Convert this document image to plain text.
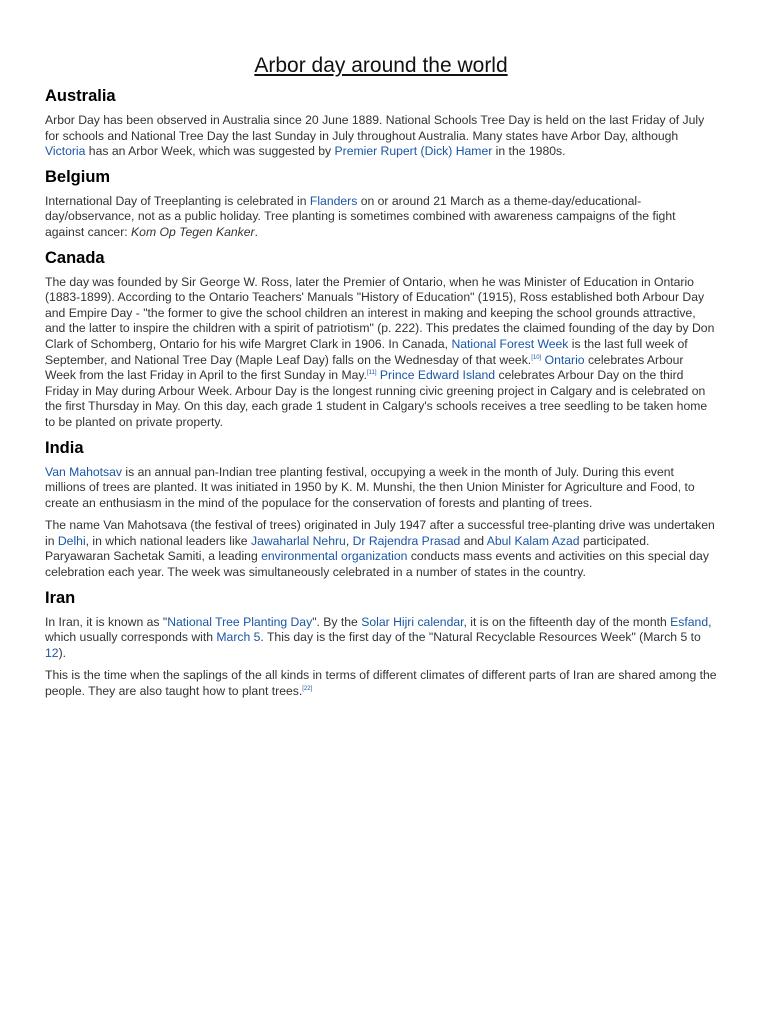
Arbor day around the world
Australia

Arbor Day has been observed in Australia since 20 June 1889. National Schools Tree Day is held on the last Friday of July for schools and National Tree Day the last Sunday in July throughout Australia. Many states have Arbor Day, although Victoria has an Arbor Week, which was suggested by Premier Rupert (Dick) Hamer in the 1980s.

Belgium

International Day of Treeplanting is celebrated in Flanders on or around 21 March as a theme-day/educational-day/observance, not as a public holiday. Tree planting is sometimes combined with awareness campaigns of the fight against cancer: Kom Op Tegen Kanker.

Canada

The day was founded by Sir George W. Ross, later the Premier of Ontario, when he was Minister of Education in Ontario (1883-1899). According to the Ontario Teachers' Manuals "History of Education" (1915), Ross established both Arbour Day and Empire Day - "the former to give the school children an interest in making and keeping the school grounds attractive, and the latter to inspire the children with a spirit of patriotism" (p. 222). This predates the claimed founding of the day by Don Clark of Schomberg, Ontario for his wife Margret Clark in 1906. In Canada, National Forest Week is the last full week of September, and National Tree Day (Maple Leaf Day) falls on the Wednesday of that week.[10] Ontario celebrates Arbour Week from the last Friday in April to the first Sunday in May.[11] Prince Edward Island celebrates Arbour Day on the third Friday in May during Arbour Week. Arbour Day is the longest running civic greening project in Calgary and is celebrated on the first Thursday in May. On this day, each grade 1 student in Calgary's schools receives a tree seedling to be taken home to be planted on private property.

India

Van Mahotsav is an annual pan-Indian tree planting festival, occupying a week in the month of July. During this event millions of trees are planted. It was initiated in 1950 by K. M. Munshi, the then Union Minister for Agriculture and Food, to create an enthusiasm in the mind of the populace for the conservation of forests and planting of trees.

The name Van Mahotsava (the festival of trees) originated in July 1947 after a successful tree-planting drive was undertaken in Delhi, in which national leaders like Jawaharlal Nehru, Dr Rajendra Prasad and Abul Kalam Azad participated. Paryawaran Sachetak Samiti, a leading environmental organization conducts mass events and activities on this special day celebration each year. The week was simultaneously celebrated in a number of states in the country.

Iran

In Iran, it is known as "National Tree Planting Day". By the Solar Hijri calendar, it is on the fifteenth day of the month Esfand, which usually corresponds with March 5. This day is the first day of the "Natural Recyclable Resources Week" (March 5 to 12).

This is the time when the saplings of the all kinds in terms of different climates of different parts of Iran are shared among the people. They are also taught how to plant trees.[22]
